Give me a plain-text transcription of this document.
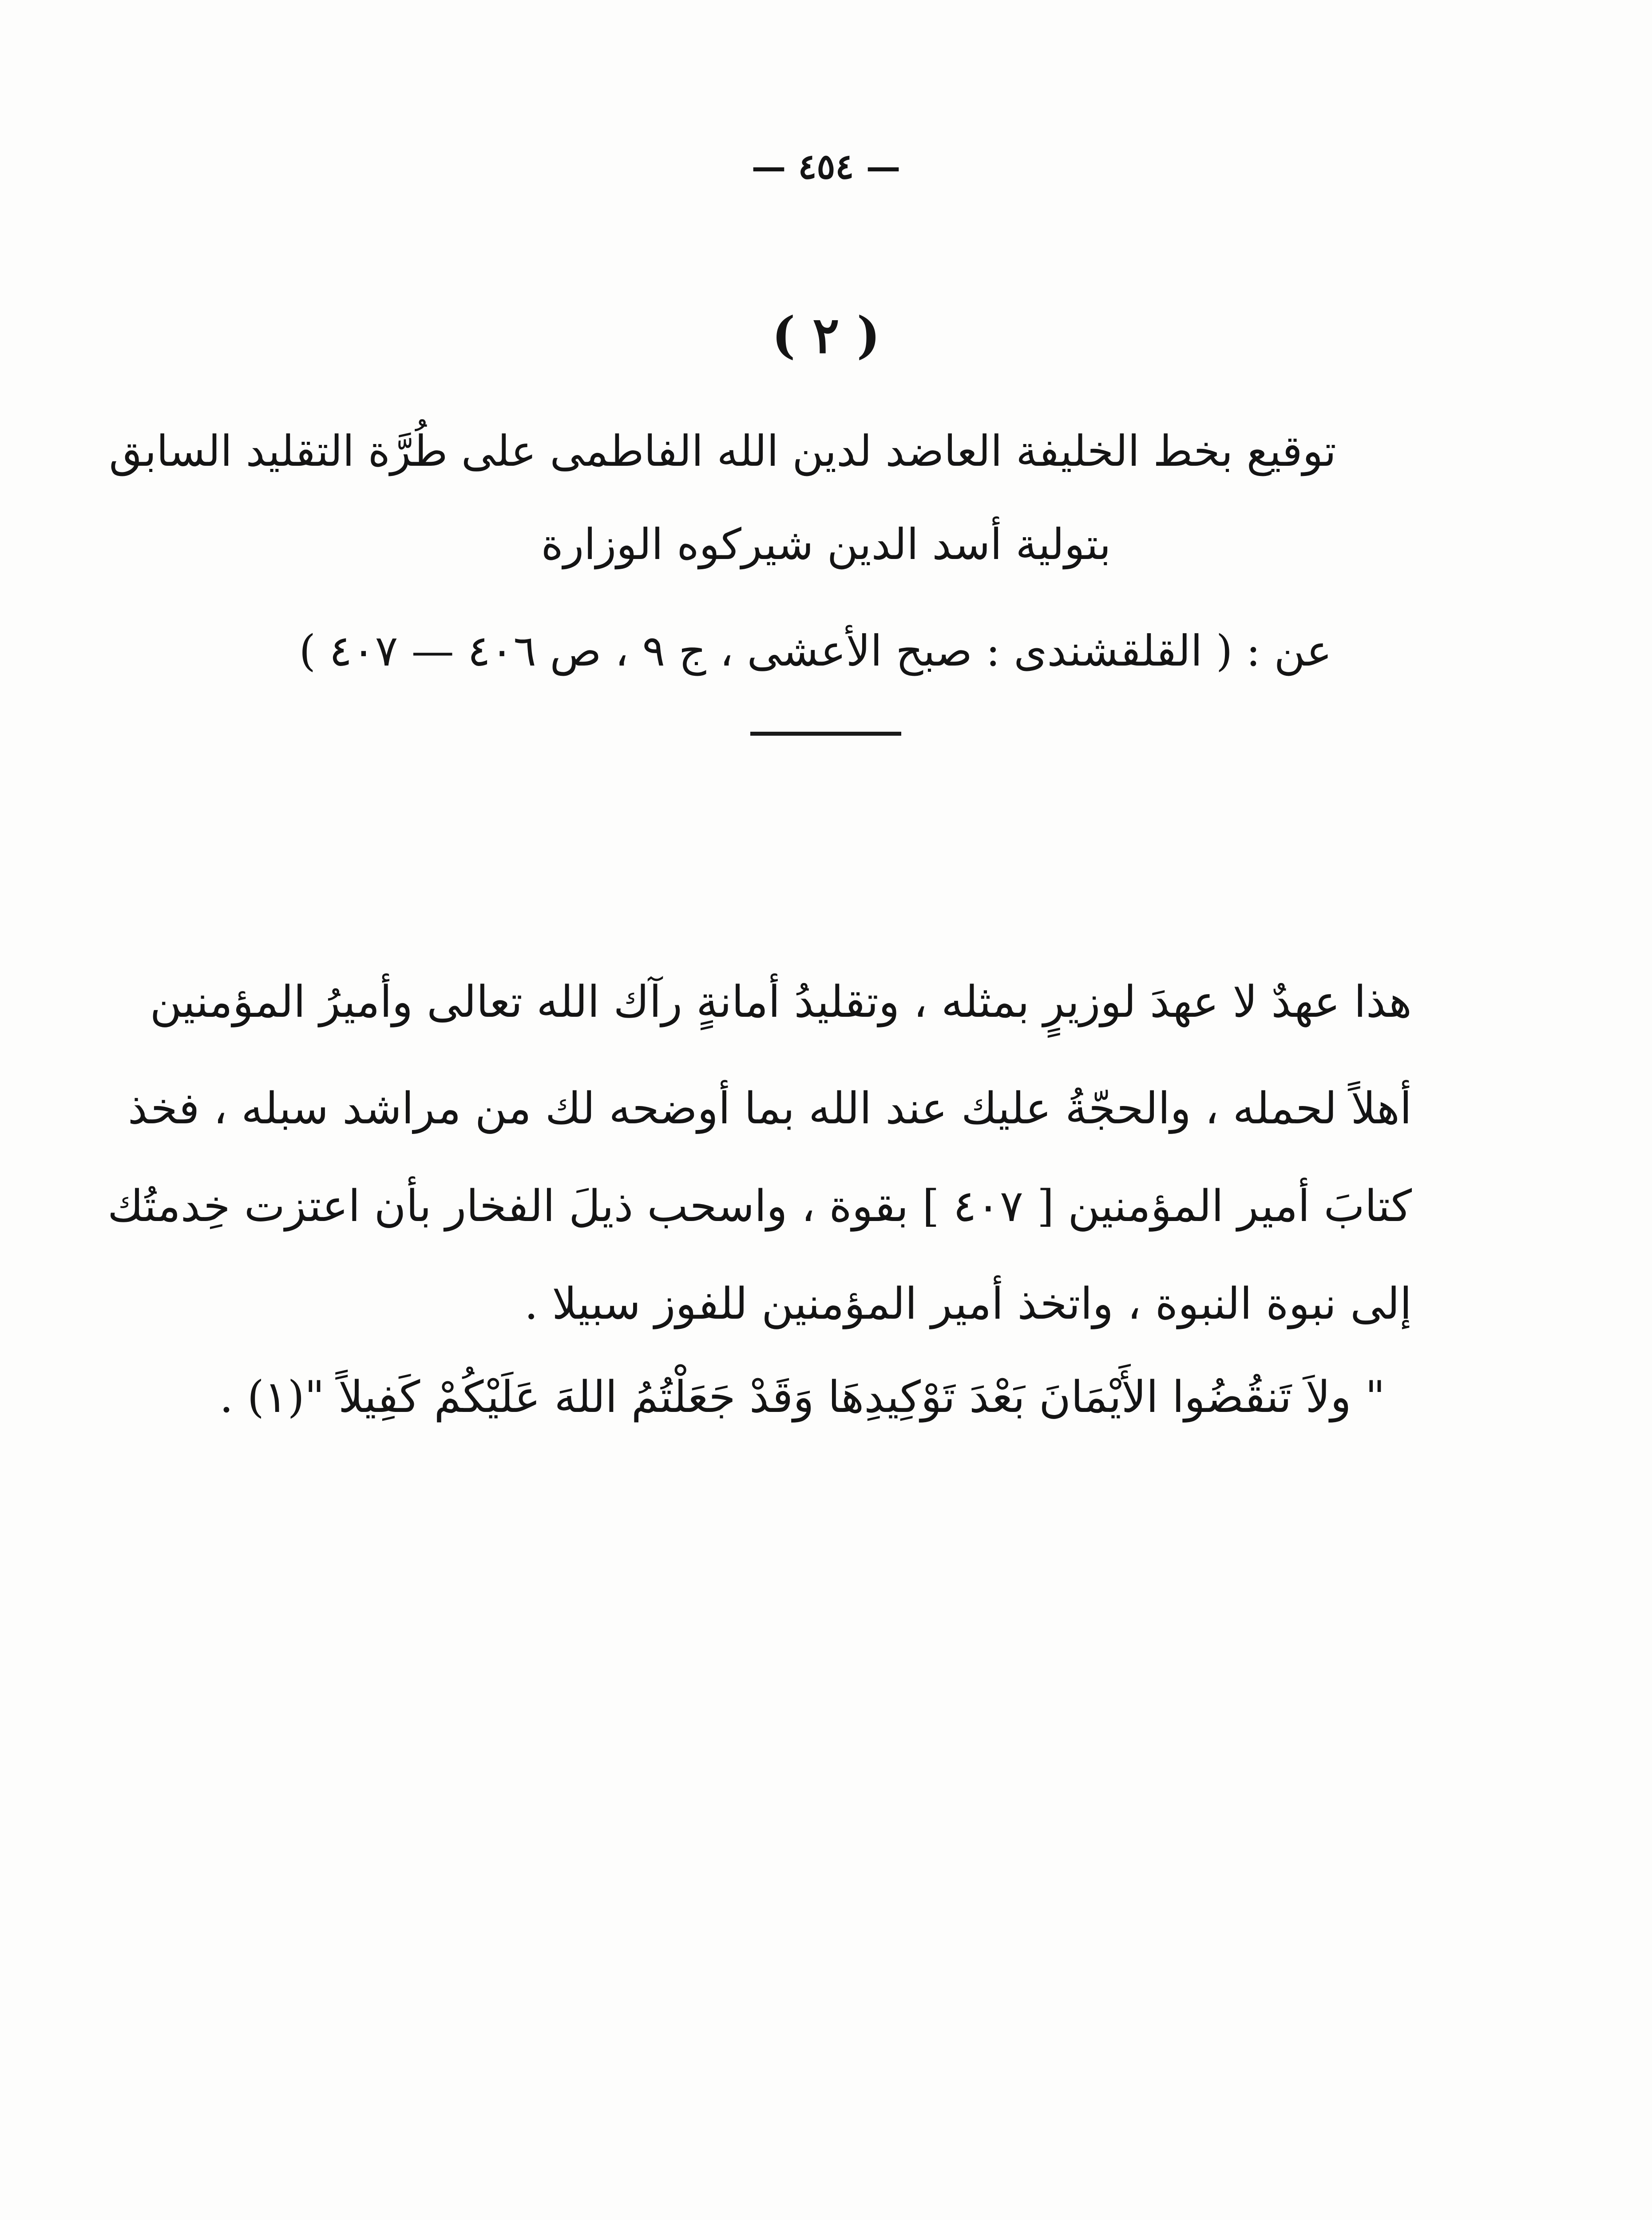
— ٤٥٤ —
( ٢ )
توقيع بخط الخليفة العاضد لدين الله الفاطمى على طُرَّة التقليد السابق
بتولية أسد الدين شيركوه الوزارة
عن : ( القلقشندى : صبح الأعشى ، ج ٩ ، ص ٤٠٦ — ٤٠٧ )
هذا عهدٌ لا عهدَ لوزيرٍ بمثله ، وتقليدُ أمانةٍ رآك الله تعالى وأميرُ المؤمنين
أهلاً لحمله ، والحجّةُ عليك عند الله بما أوضحه لك من مراشد سبله ، فخذ
كتابَ أمير المؤمنين [ ٤٠٧ ] بقوة ، واسحب ذيلَ الفخار بأن اعتزت خِدمتُك
إلى نبوة النبوة ، واتخذ أمير المؤمنين للفوز سبيلا .
" ولاَ تَنقُضُوا الأَيْمَانَ بَعْدَ تَوْكِيدِهَا وَقَدْ جَعَلْتُمُ اللهَ عَلَيْكُمْ كَفِيلاً "(١) .
